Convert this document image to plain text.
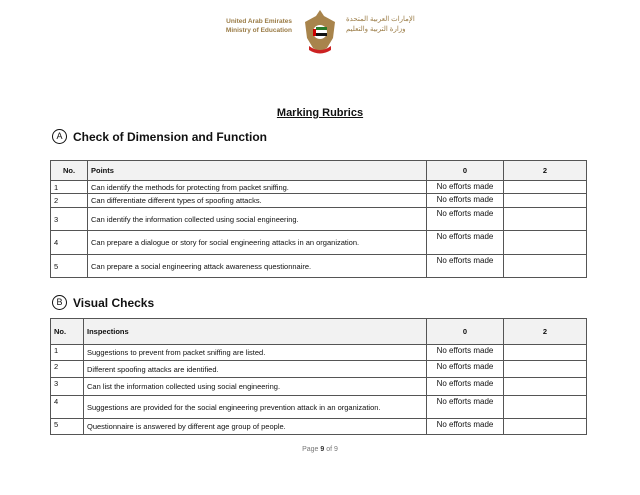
United Arab Emirates
Ministry of Education
الإمارات العربية المتحدة
وزارة التربية والتعليم
Marking Rubrics
A Check of Dimension and Function
No.	Points	0	2
1	Can identify the methods for protecting from packet sniffing.	No efforts made	
2	Can differentiate different types of spoofing attacks.	No efforts made	
3	Can identify the information collected using social engineering.	No efforts made	
4	Can prepare a dialogue or story for social engineering attacks in an organization.	No efforts made	
5	Can prepare a social engineering attack awareness questionnaire.	No efforts made	
B Visual Checks
No.	Inspections	0	2
1	Suggestions to prevent from packet sniffing are listed.	No efforts made	
2	Different spoofing attacks are identified.	No efforts made	
3	Can list the information collected using social engineering.	No efforts made	
4	Suggestions are provided for the social engineering prevention attack in an organization.	No efforts made	
5	Questionnaire is answered by different age group of people.	No efforts made	
Page 9 of 9
